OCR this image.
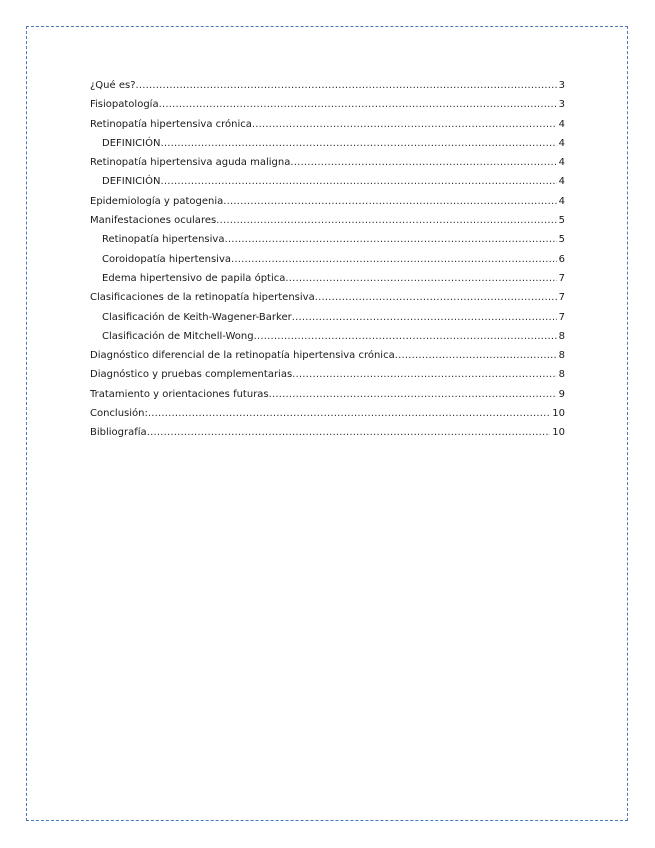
¿Qué es? .....	3
Fisiopatología .....	3
Retinopatía hipertensiva crónica .....	4
DEFINICIÓN .....	4
Retinopatía hipertensiva aguda maligna .....	4
DEFINICIÓN .....	4
Epidemiología y patogenia .....	4
Manifestaciones oculares .....	5
Retinopatía hipertensiva .....	5
Coroidopatía hipertensiva .....	6
Edema hipertensivo de papila óptica .....	7
Clasificaciones de la retinopatía hipertensiva .....	7
Clasificación de Keith-Wagener-Barker .....	7
Clasificación de Mitchell-Wong .....	8
Diagnóstico diferencial de la retinopatía hipertensiva crónica .....	8
Diagnóstico y pruebas complementarias .....	8
Tratamiento y orientaciones futuras .....	9
Conclusión: .....	10
Bibliografía .....	10
